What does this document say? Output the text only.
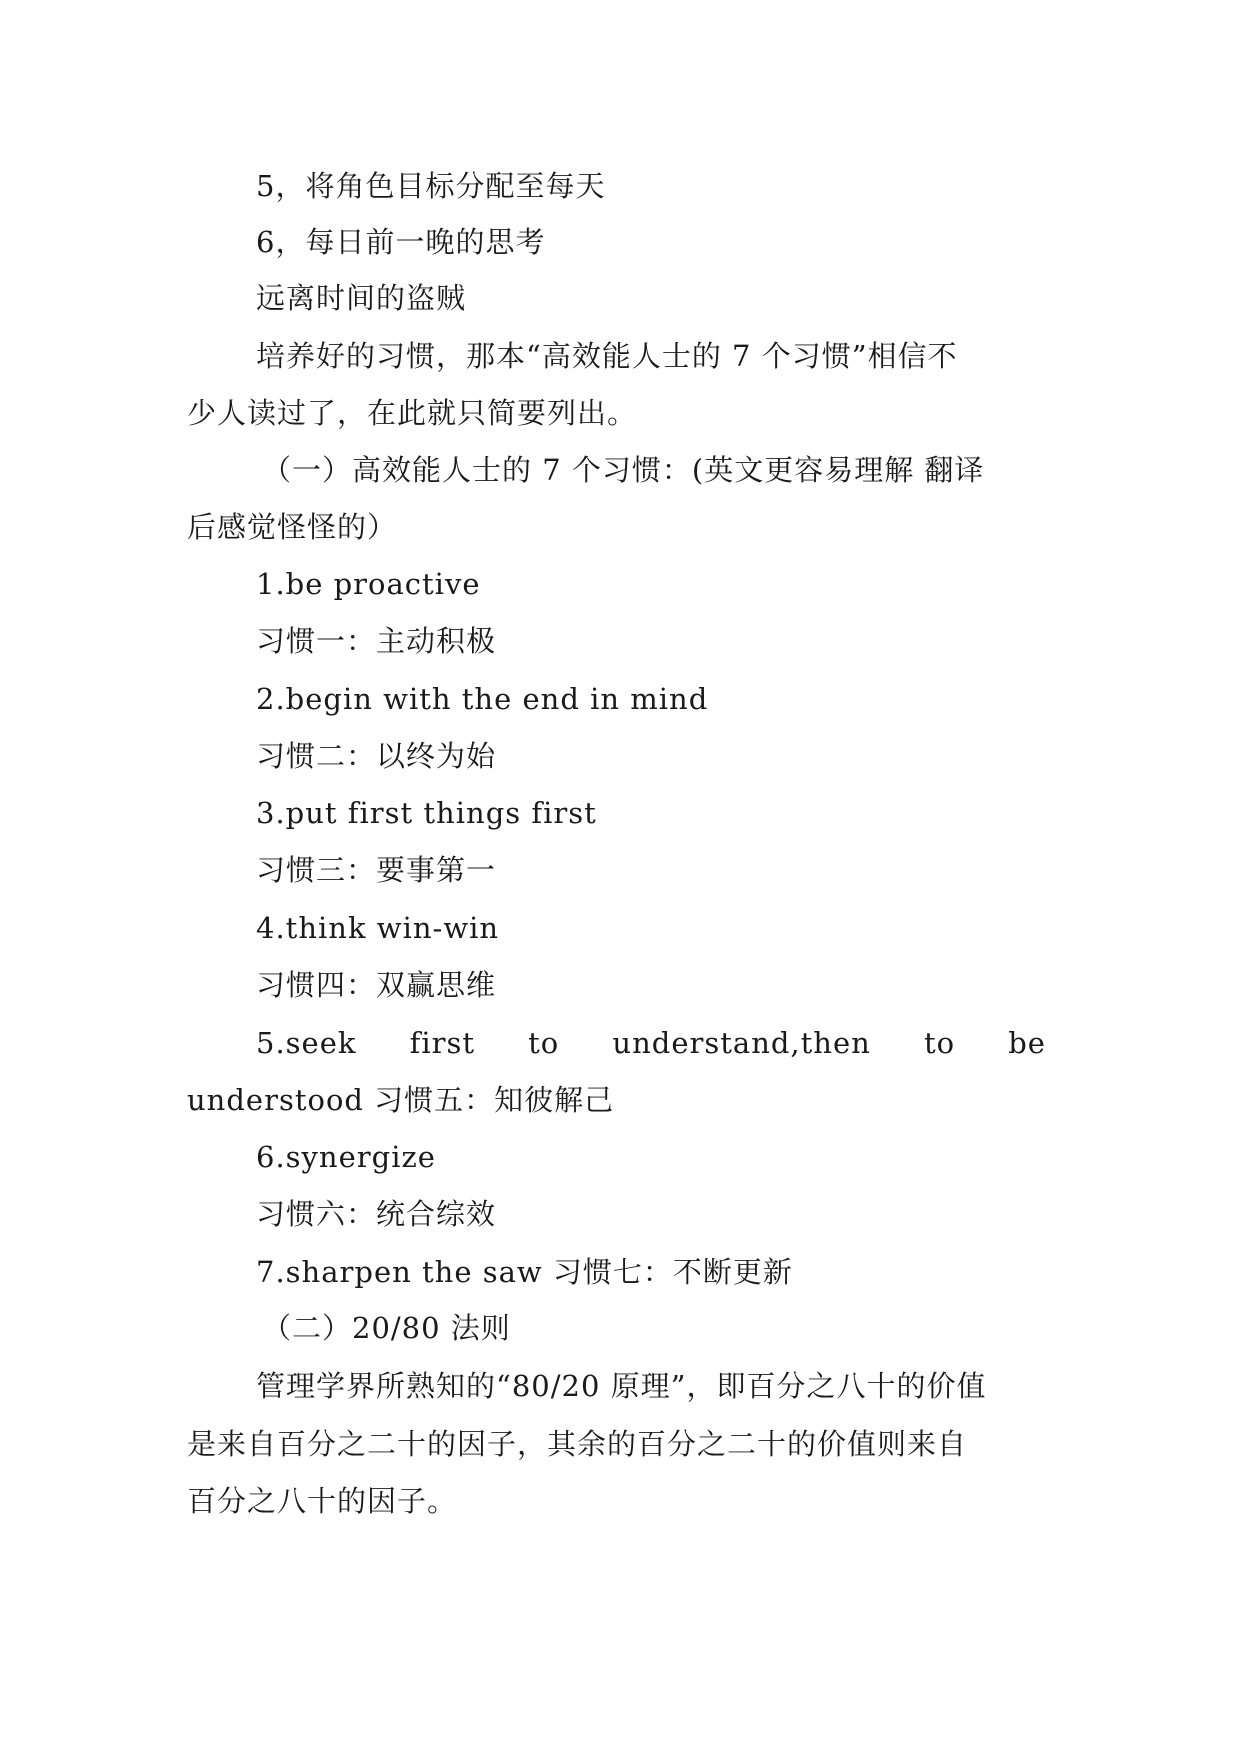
5，将角色目标分配至每天

6，每日前一晚的思考

远离时间的盗贼

培养好的习惯，那本“高效能人士的 7 个习惯”相信不

少人读过了，在此就只简要列出。

（一）高效能人士的 7 个习惯：(英文更容易理解 翻译

后感觉怪怪的）

1.be proactive

习惯一：主动积极

2.begin with the end in mind

习惯二：以终为始

3.put first things first

习惯三：要事第一

4.think win-win

习惯四：双赢思维

5.seek first to understand,then to be

understood 习惯五：知彼解己

6.synergize

习惯六：统合综效

7.sharpen the saw 习惯七：不断更新

（二）20/80 法则

管理学界所熟知的“80/20 原理”，即百分之八十的价值

是来自百分之二十的因子，其余的百分之二十的价值则来自

百分之八十的因子。
